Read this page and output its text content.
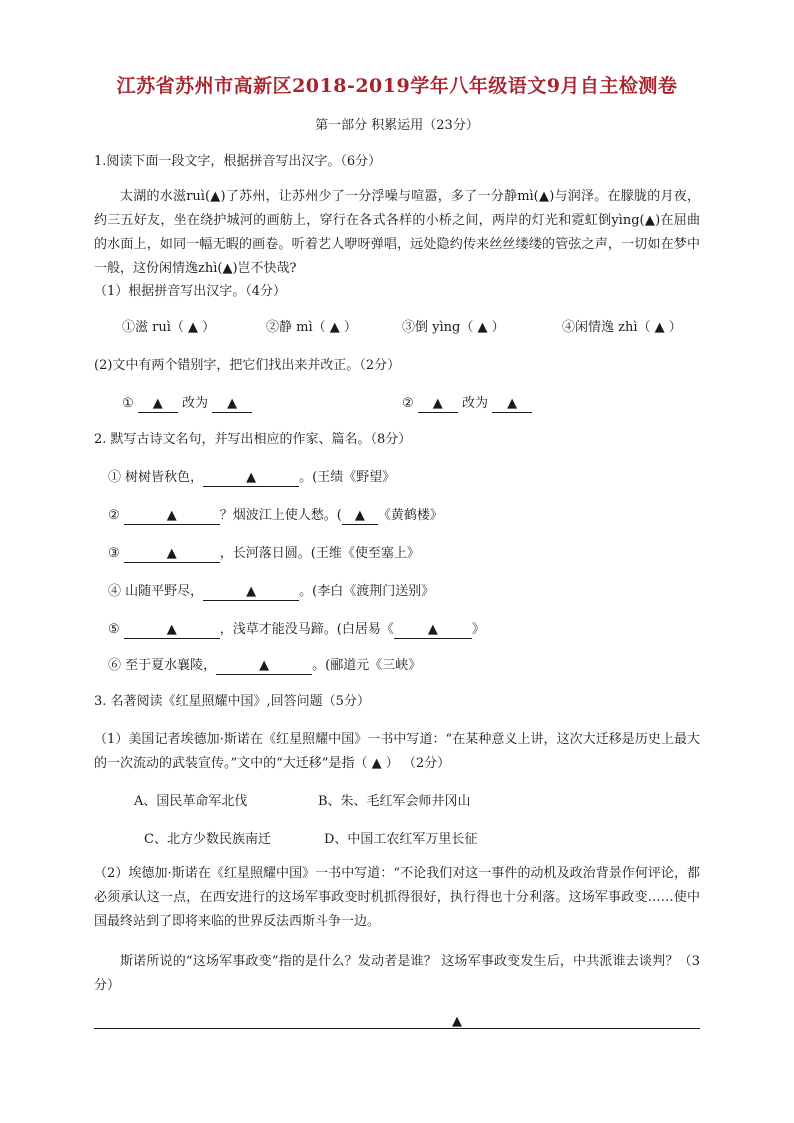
江苏省苏州市高新区2018-2019学年八年级语文9月自主检测卷
第一部分 积累运用（23分）
1.阅读下面一段文字，根据拼音写出汉字。（6分）
太湖的水滋ruì(▲)了苏州，让苏州少了一分浮噪与喧嚣，多了一分静mì(▲)与润泽。在朦胧的月夜，约三五好友，坐在绕护城河的画舫上，穿行在各式各样的小桥之间，两岸的灯光和霓虹倒yìng(▲)在屈曲的水面上，如同一幅无暇的画卷。听着艺人咿呀弹唱，远处隐约传来丝丝缕缕的管弦之声，一切如在梦中一般，这份闲情逸zhì(▲)岂不快哉?
（1）根据拼音写出汉字。（4分）
①滋 ruì（ ▲ ）	②静 mì（ ▲ ）	③倒 yìng（ ▲ ）	④闲情逸 zhì（ ▲ ）
(2)文中有两个错别字，把它们找出来并改正。（2分）
① ▲ 改为 ▲	② ▲ 改为 ▲
2. 默写古诗文名句，并写出相应的作家、篇名。（8分）
① 树树皆秋色，	▲	。(王绩《野望》
②	▲	？烟波江上使人愁。( ▲ 《黄鹤楼》
③	▲	，长河落日圆。(王维《使至塞上》
④ 山随平野尽，	▲	。(李白《渡荆门送别》
⑤	▲	，浅草才能没马蹄。(白居易《	▲	》
⑥ 至于夏水襄陵，	▲	。(郦道元《三峡》
3. 名著阅读《红星照耀中国》,回答问题（5分）
（1）美国记者埃德加·斯诺在《红星照耀中国》一书中写道：“在某种意义上讲，这次大迁移是历史上最大的一次流动的武装宣传。”文中的“大迁移”是指（ ▲ ） （2分）
A、国民革命军北伐	B、朱、毛红军会师井冈山
C、北方少数民族南迁	D、中国工农红军万里长征
（2）埃德加·斯诺在《红星照耀中国》一书中写道：“不论我们对这一事件的动机及政治背景作何评论，都必须承认这一点，在西安进行的这场军事政变时机抓得很好，执行得也十分利落。这场军事政变……使中国最终站到了即将来临的世界反法西斯斗争一边。
斯诺所说的“这场军事政变”指的是什么？发动者是谁？ 这场军事政变发生后，中共派谁去谈判？（3分）
▲
